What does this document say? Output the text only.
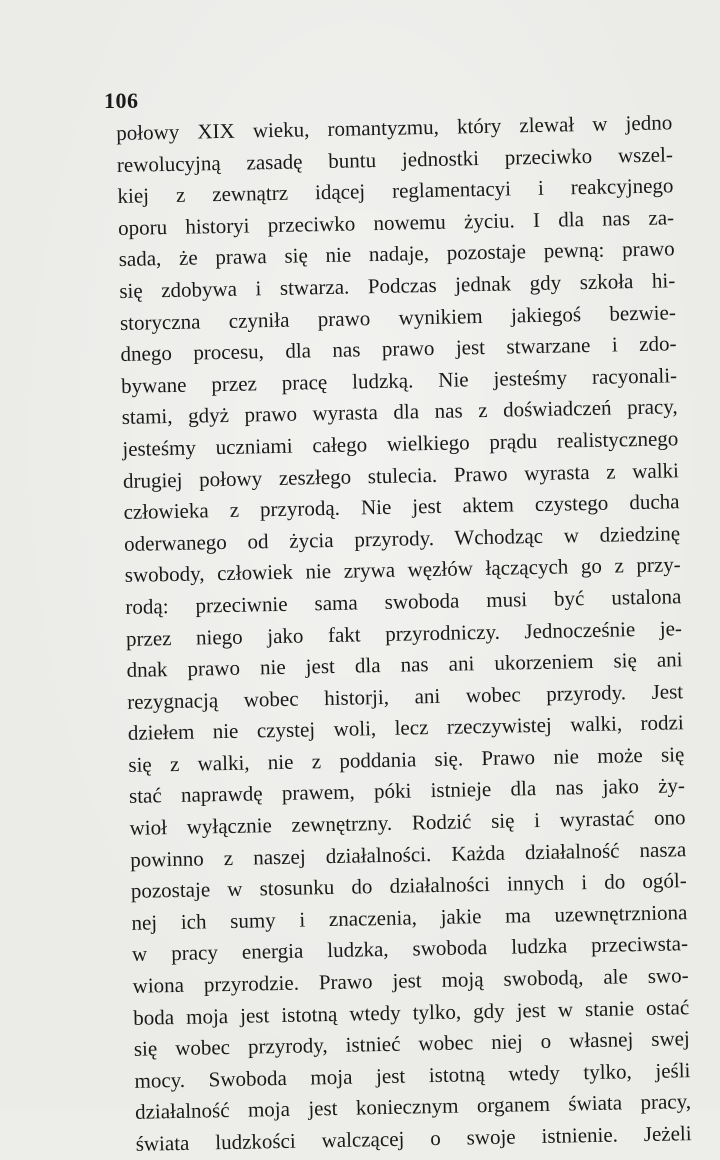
106
połowy XIX wieku, romantyzmu, który zlewał w jedno
rewolucyjną zasadę buntu jednostki przeciwko wszel-
kiej z zewnątrz idącej reglamentacyi i reakcyjnego
oporu historyi przeciwko nowemu życiu. I dla nas za-
sada, że prawa się nie nadaje, pozostaje pewną: prawo
się zdobywa i stwarza. Podczas jednak gdy szkoła hi-
storyczna czyniła prawo wynikiem jakiegoś bezwie-
dnego procesu, dla nas prawo jest stwarzane i zdo-
bywane przez pracę ludzką. Nie jesteśmy racyonali-
stami, gdyż prawo wyrasta dla nas z doświadczeń pracy,
jesteśmy uczniami całego wielkiego prądu realistycznego
drugiej połowy zeszłego stulecia. Prawo wyrasta z walki
człowieka z przyrodą. Nie jest aktem czystego ducha
oderwanego od życia przyrody. Wchodząc w dziedzinę
swobody, człowiek nie zrywa węzłów łączących go z przy-
rodą: przeciwnie sama swoboda musi być ustalona
przez niego jako fakt przyrodniczy. Jednocześnie je-
dnak prawo nie jest dla nas ani ukorzeniem się ani
rezygnacją wobec historji, ani wobec przyrody. Jest
dziełem nie czystej woli, lecz rzeczywistej walki, rodzi
się z walki, nie z poddania się. Prawo nie może się
stać naprawdę prawem, póki istnieje dla nas jako ży-
wioł wyłącznie zewnętrzny. Rodzić się i wyrastać ono
powinno z naszej działalności. Każda działalność nasza
pozostaje w stosunku do działalności innych i do ogól-
nej ich sumy i znaczenia, jakie ma uzewnętrzniona
w pracy energia ludzka, swoboda ludzka przeciwsta-
wiona przyrodzie. Prawo jest moją swobodą, ale swo-
boda moja jest istotną wtedy tylko, gdy jest w stanie ostać
się wobec przyrody, istnieć wobec niej o własnej swej
mocy. Swoboda moja jest istotną wtedy tylko, jeśli
działalność moja jest koniecznym organem świata pracy,
świata ludzkości walczącej o swoje istnienie. Jeżeli
